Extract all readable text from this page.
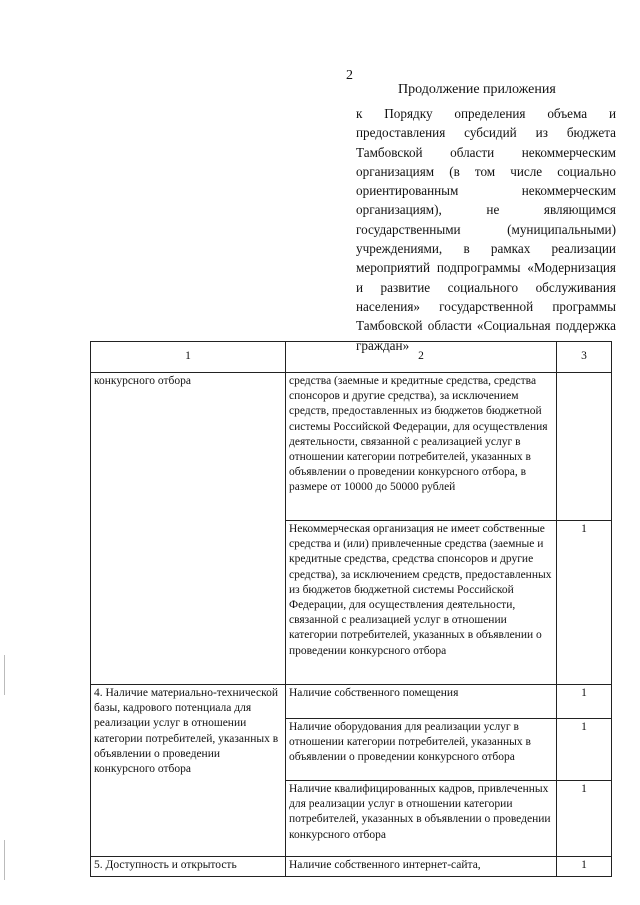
2
Продолжение приложения

к Порядку определения объема и предоставления субсидий из бюджета Тамбовской области некоммерческим организациям (в том числе социально ориентированным некоммерческим организациям), не являющимся государственными (муниципальными) учреждениями, в рамках реализации мероприятий подпрограммы «Модернизация и развитие социального обслуживания населения» государственной программы Тамбовской области «Социальная поддержка граждан»

1	2	3
конкурсного отбора	средства (заемные и кредитные средства, средства спонсоров и другие средства), за исключением средств, предоставленных из бюджетов бюджетной системы Российской Федерации, для осуществления деятельности, связанной с реализацией услуг в отношении категории потребителей, указанных в объявлении о проведении конкурсного отбора, в размере от 10000 до 50000 рублей	
	Некоммерческая организация не имеет собственные средства и (или) привлеченные средства (заемные и кредитные средства, средства спонсоров и другие средства), за исключением средств, предоставленных из бюджетов бюджетной системы Российской Федерации, для осуществления деятельности, связанной с реализацией услуг в отношении категории потребителей, указанных в объявлении о проведении конкурсного отбора	1
4. Наличие материально-технической базы, кадрового потенциала для реализации услуг в отношении категории потребителей, указанных в объявлении о проведении конкурсного отбора	Наличие собственного помещения	1
	Наличие оборудования для реализации услуг в отношении категории потребителей, указанных в объявлении о проведении конкурсного отбора	1
	Наличие квалифицированных кадров, привлеченных для реализации услуг в отношении категории потребителей, указанных в объявлении о проведении конкурсного отбора	1
5. Доступность и открытость	Наличие собственного интернет-сайта,	1
